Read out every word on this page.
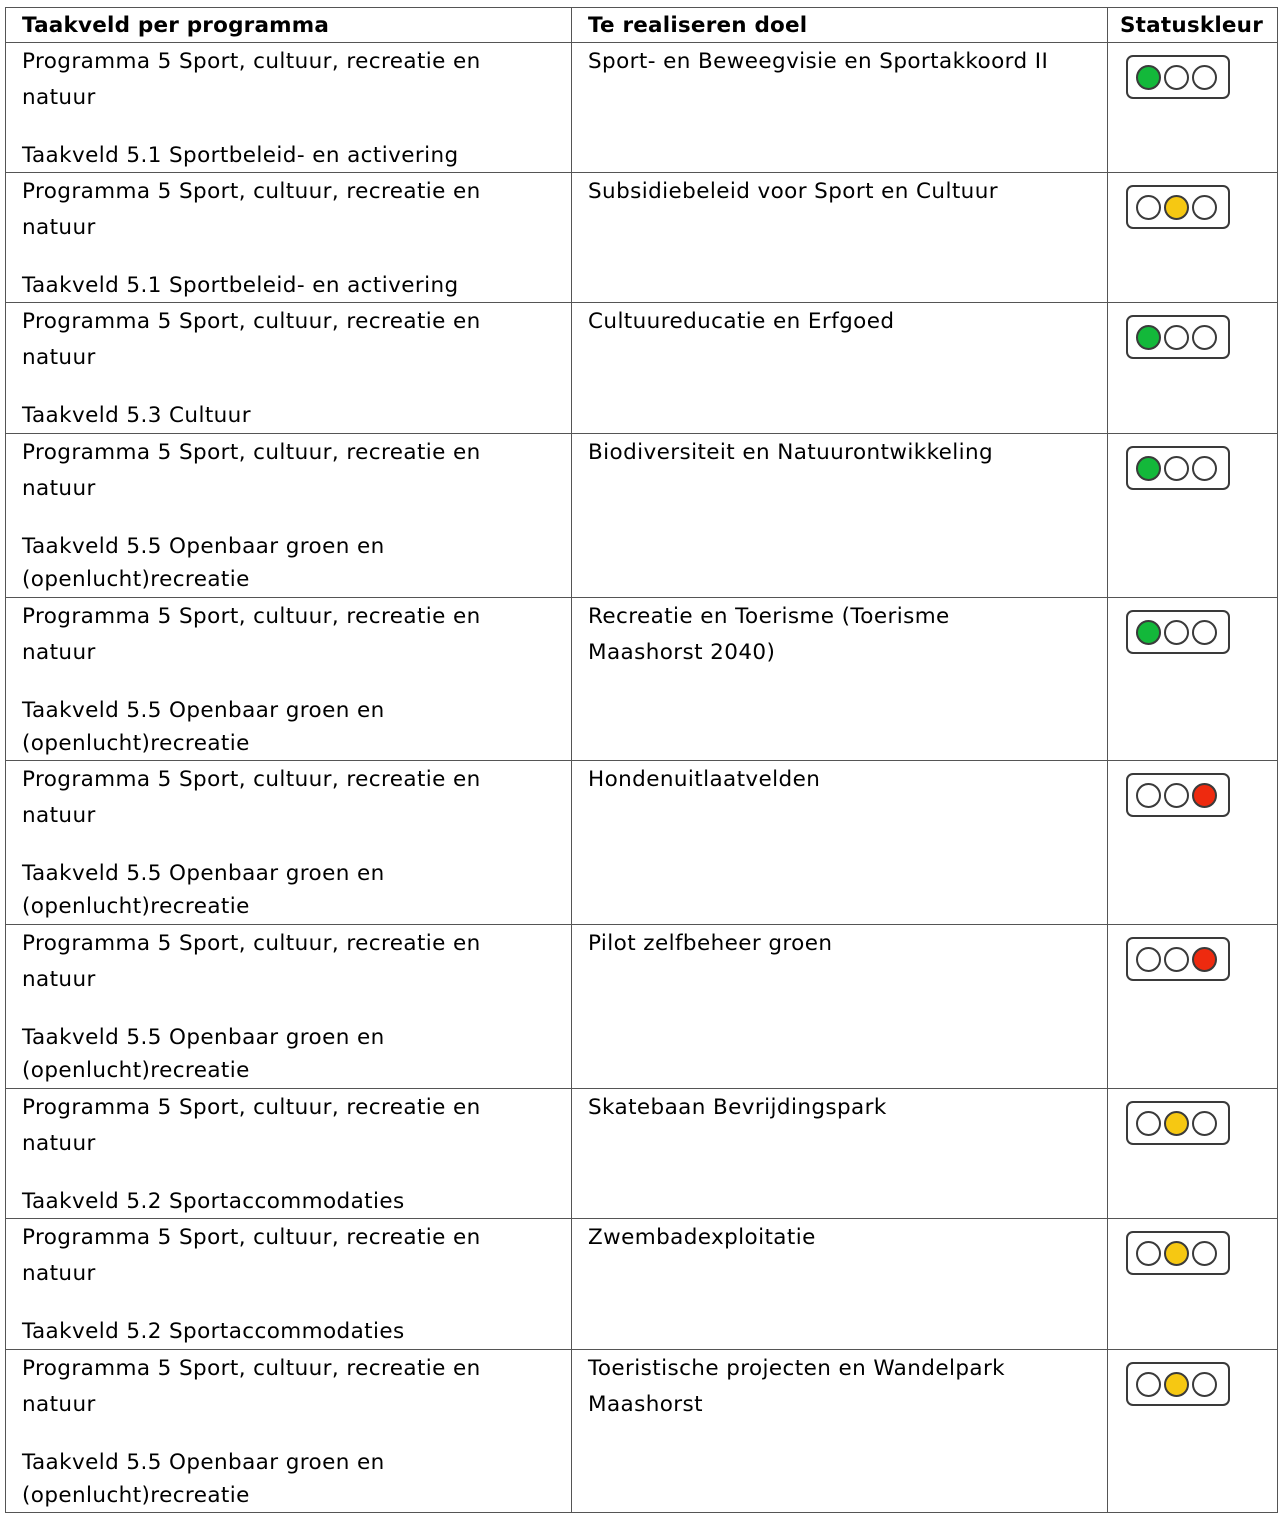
Taakveld per programma	Te realiseren doel	Statuskleur

Programma 5 Sport, cultuur, recreatie en
natuur
Taakveld 5.1 Sportbeleid- en activering	Sport- en Beweegvisie en Sportakkoord II	

Programma 5 Sport, cultuur, recreatie en
natuur
Taakveld 5.1 Sportbeleid- en activering	Subsidiebeleid voor Sport en Cultuur	

Programma 5 Sport, cultuur, recreatie en
natuur
Taakveld 5.3 Cultuur	Cultuureducatie en Erfgoed	

Programma 5 Sport, cultuur, recreatie en
natuur
Taakveld 5.5 Openbaar groen en
(openlucht)recreatie	Biodiversiteit en Natuurontwikkeling	

Programma 5 Sport, cultuur, recreatie en
natuur
Taakveld 5.5 Openbaar groen en
(openlucht)recreatie	Recreatie en Toerisme (Toerisme
Maashorst 2040)	

Programma 5 Sport, cultuur, recreatie en
natuur
Taakveld 5.5 Openbaar groen en
(openlucht)recreatie	Hondenuitlaatvelden	

Programma 5 Sport, cultuur, recreatie en
natuur
Taakveld 5.5 Openbaar groen en
(openlucht)recreatie	Pilot zelfbeheer groen	

Programma 5 Sport, cultuur, recreatie en
natuur
Taakveld 5.2 Sportaccommodaties	Skatebaan Bevrijdingspark	

Programma 5 Sport, cultuur, recreatie en
natuur
Taakveld 5.2 Sportaccommodaties	Zwembadexploitatie	

Programma 5 Sport, cultuur, recreatie en
natuur
Taakveld 5.5 Openbaar groen en
(openlucht)recreatie	Toeristische projecten en Wandelpark
Maashorst	
